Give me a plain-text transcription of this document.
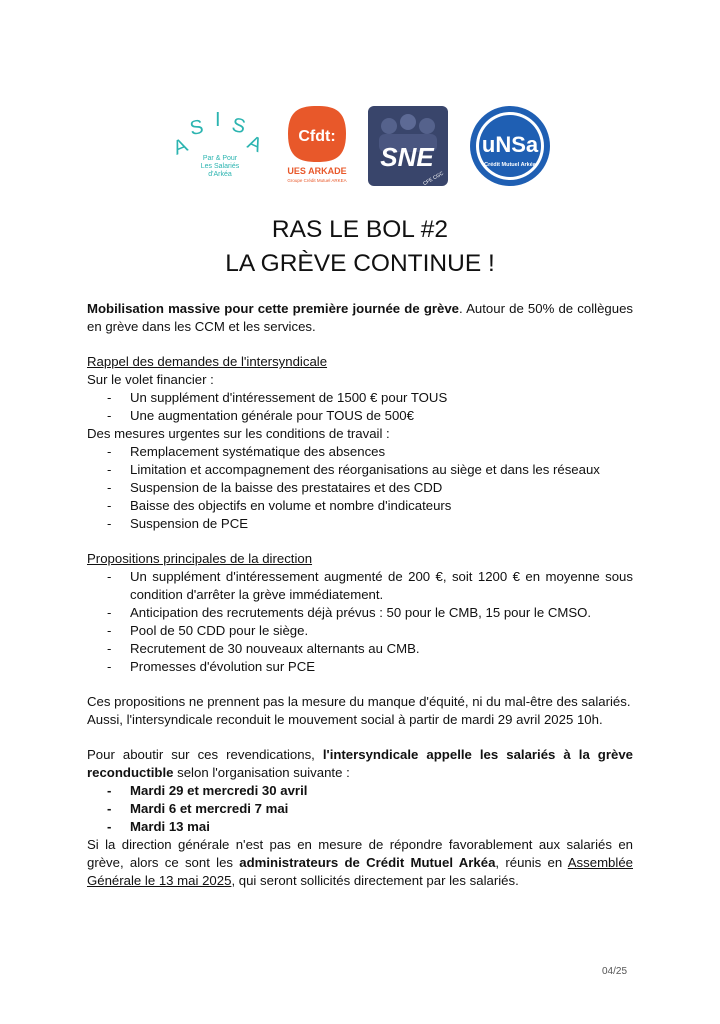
A
S I S
A
Par & Pour
Les Salariés
d'Arkéa
Cfdt:
UES ARKADE
Groupe Crédit Mutuel ARKEA
SNE
CFE CGC
uNSa
Crédit Mutuel Arkéa
RAS LE BOL #2
LA GRÈVE CONTINUE !

Mobilisation massive pour cette première journée de grève. Autour de 50% de collègues en grève dans les CCM et les services.

Rappel des demandes de l'intersyndicale
Sur le volet financier :
- Un supplément d'intéressement de 1500 € pour TOUS
- Une augmentation générale pour TOUS de 500€
Des mesures urgentes sur les conditions de travail :
- Remplacement systématique des absences
- Limitation et accompagnement des réorganisations au siège et dans les réseaux
- Suspension de la baisse des prestataires et des CDD
- Baisse des objectifs en volume et nombre d'indicateurs
- Suspension de PCE
Propositions principales de la direction
- Un supplément d'intéressement augmenté de 200 €, soit 1200 € en moyenne sous condition d'arrêter la grève immédiatement.
- Anticipation des recrutements déjà prévus : 50 pour le CMB, 15 pour le CMSO.
- Pool de 50 CDD pour le siège.
- Recrutement de 30 nouveaux alternants au CMB.
- Promesses d'évolution sur PCE

Ces propositions ne prennent pas la mesure du manque d'équité, ni du mal-être des salariés.

Aussi, l'intersyndicale reconduit le mouvement social à partir de mardi 29 avril 2025 10h.

Pour aboutir sur ces revendications, l'intersyndicale appelle les salariés à la grève reconductible selon l'organisation suivante :

- Mardi 29 et mercredi 30 avril
- Mardi 6 et mercredi 7 mai
- Mardi 13 mai

Si la direction générale n'est pas en mesure de répondre favorablement aux salariés en grève, alors ce sont les administrateurs de Crédit Mutuel Arkéa, réunis en Assemblée Générale le 13 mai 2025, qui seront sollicités directement par les salariés.

04/25
